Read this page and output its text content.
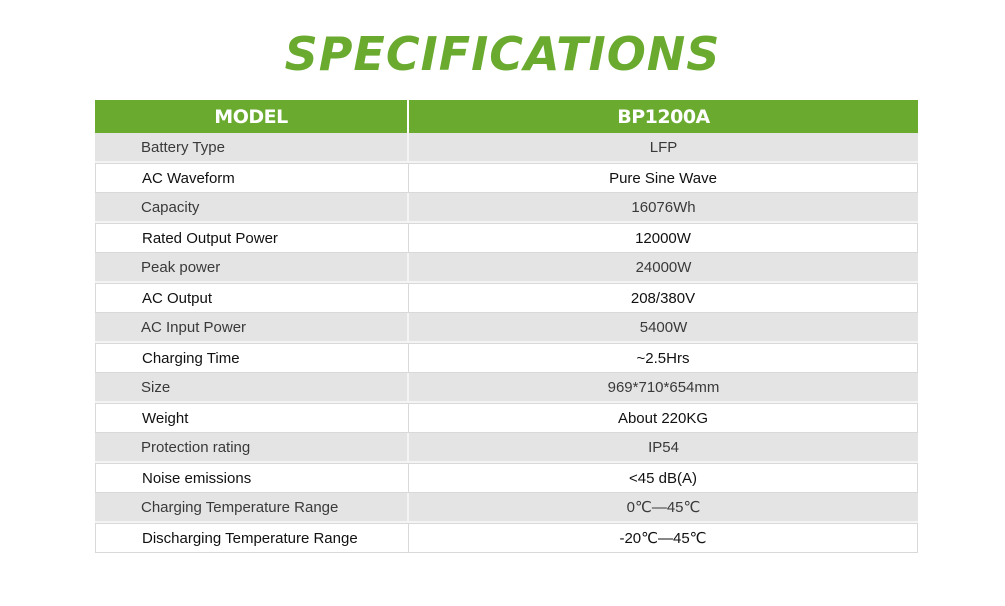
SPECIFICATIONS
MODEL	BP1200A
Battery Type	LFP
AC Waveform	Pure Sine Wave
Capacity	16076Wh
Rated Output Power	12000W
Peak power	24000W
AC Output	208/380V
AC Input Power	5400W
Charging Time	~2.5Hrs
Size	969*710*654mm
Weight	About 220KG
Protection rating	IP54
Noise emissions	<45 dB(A)
Charging Temperature Range	0℃—45℃
Discharging Temperature Range	-20℃—45℃
